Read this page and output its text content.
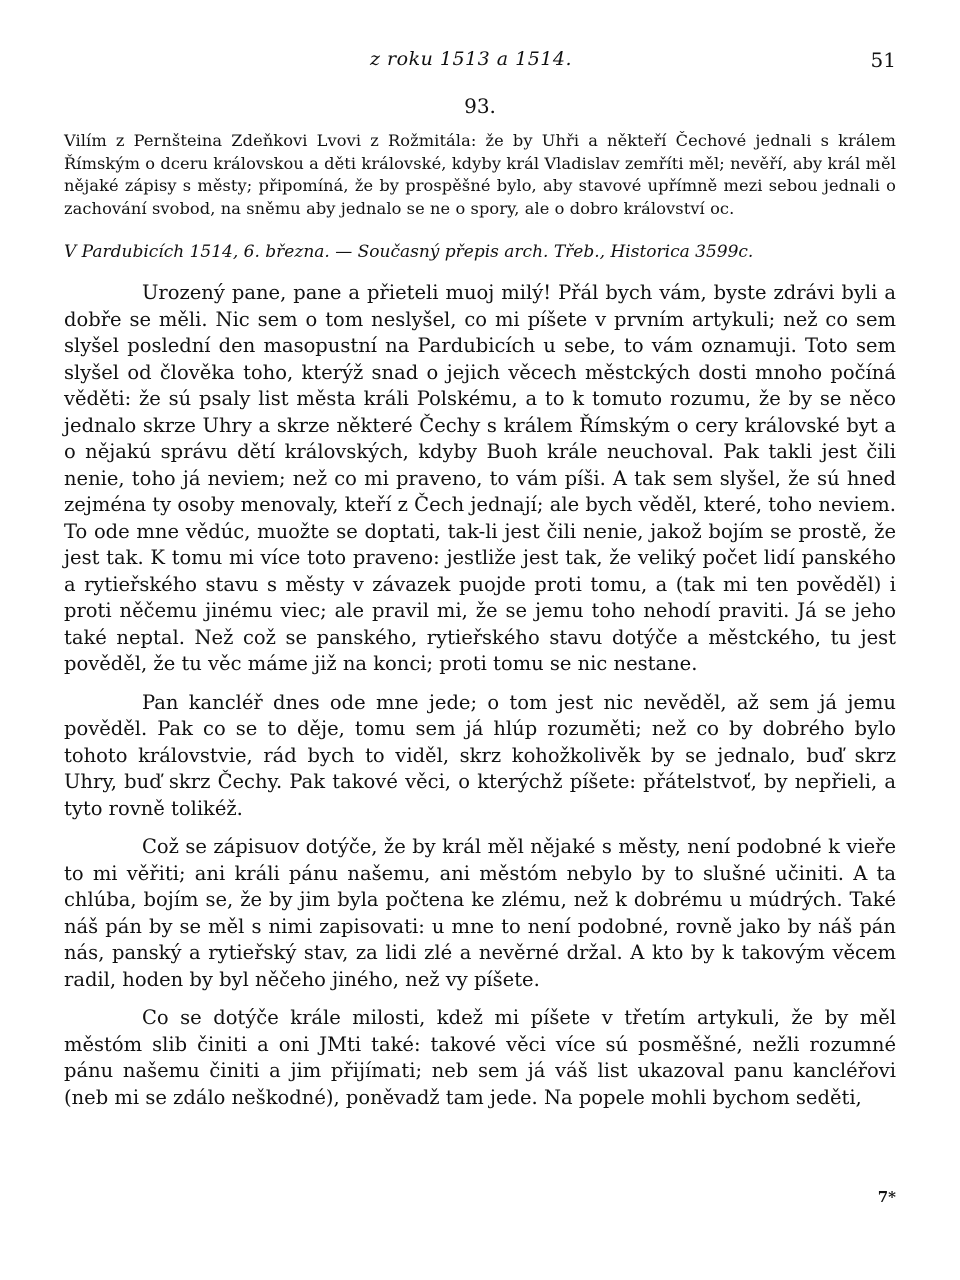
z roku 1513 a 1514.	51
93.
Vilím z Pernšteina Zdeňkovi Lvovi z Rožmitála: že by Uhři a někteří Čechové jednali s králem Římským o dceru královskou a děti královské, kdyby král Vladislav zemříti měl; nevěří, aby král měl nějaké zápisy s městy; připomíná, že by prospěšné bylo, aby stavové upřímně mezi sebou jednali o zachování svobod, na sněmu aby jednalo se ne o spory, ale o dobro království oc.
V Pardubicích 1514, 6. března. — Současný přepis arch. Třeb., Historica 3599c.

Urozený pane, pane a přieteli muoj milý! Přál bych vám, byste zdrávi byli a dobře se měli. Nic sem o tom neslyšel, co mi píšete v prvním artykuli; než co sem slyšel poslední den masopustní na Pardubicích u sebe, to vám oznamuji. Toto sem slyšel od člověka toho, kterýž snad o jejich věcech městckých dosti mnoho počíná věděti: že sú psaly list města králi Polskému, a to k tomuto rozumu, že by se něco jednalo skrze Uhry a skrze některé Čechy s králem Římským o cery královské byt a o nějakú správu dětí královských, kdyby Buoh krále neuchoval. Pak takli jest čili nenie, toho já neviem; než co mi praveno, to vám píši. A tak sem slyšel, že sú hned zejména ty osoby menovaly, kteří z Čech jednají; ale bych věděl, které, toho neviem. To ode mne vědúc, muožte se doptati, tak-li jest čili nenie, jakož bojím se prostě, že jest tak. K tomu mi více toto praveno: jestliže jest tak, že veliký počet lidí panského a rytieřského stavu s městy v závazek puojde proti tomu, a (tak mi ten pověděl) i proti něčemu jinému viec; ale pravil mi, že se jemu toho nehodí praviti. Já se jeho také neptal. Než což se panského, rytieřského stavu dotýče a městckého, tu jest pověděl, že tu věc máme již na konci; proti tomu se nic nestane.

Pan kancléř dnes ode mne jede; o tom jest nic nevěděl, až sem já jemu pověděl. Pak co se to děje, tomu sem já hlúp rozuměti; než co by dobrého bylo tohoto královstvie, rád bych to viděl, skrz kohožkolivěk by se jednalo, buď skrz Uhry, buď skrz Čechy. Pak takové věci, o kterýchž píšete: přátelstvoť, by nepřieli, a tyto rovně tolikéž.

Což se zápisuov dotýče, že by král měl nějaké s městy, není podobné k vieře to mi věřiti; ani králi pánu našemu, ani městóm nebylo by to slušné učiniti. A ta chlúba, bojím se, že by jim byla počtena ke zlému, než k dobrému u múdrých. Také náš pán by se měl s nimi zapisovati: u mne to není podobné, rovně jako by náš pán nás, panský a rytieřský stav, za lidi zlé a nevěrné držal. A kto by k takovým věcem radil, hoden by byl něčeho jiného, než vy píšete.

Co se dotýče krále milosti, kdež mi píšete v třetím artykuli, že by měl městóm slib činiti a oni JMti také: takové věci více sú posměšné, nežli rozumné pánu našemu činiti a jim přijímati; neb sem já váš list ukazoval panu kancléřovi (neb mi se zdálo neškodné), poněvadž tam jede. Na popele mohli bychom seděti,

7*
